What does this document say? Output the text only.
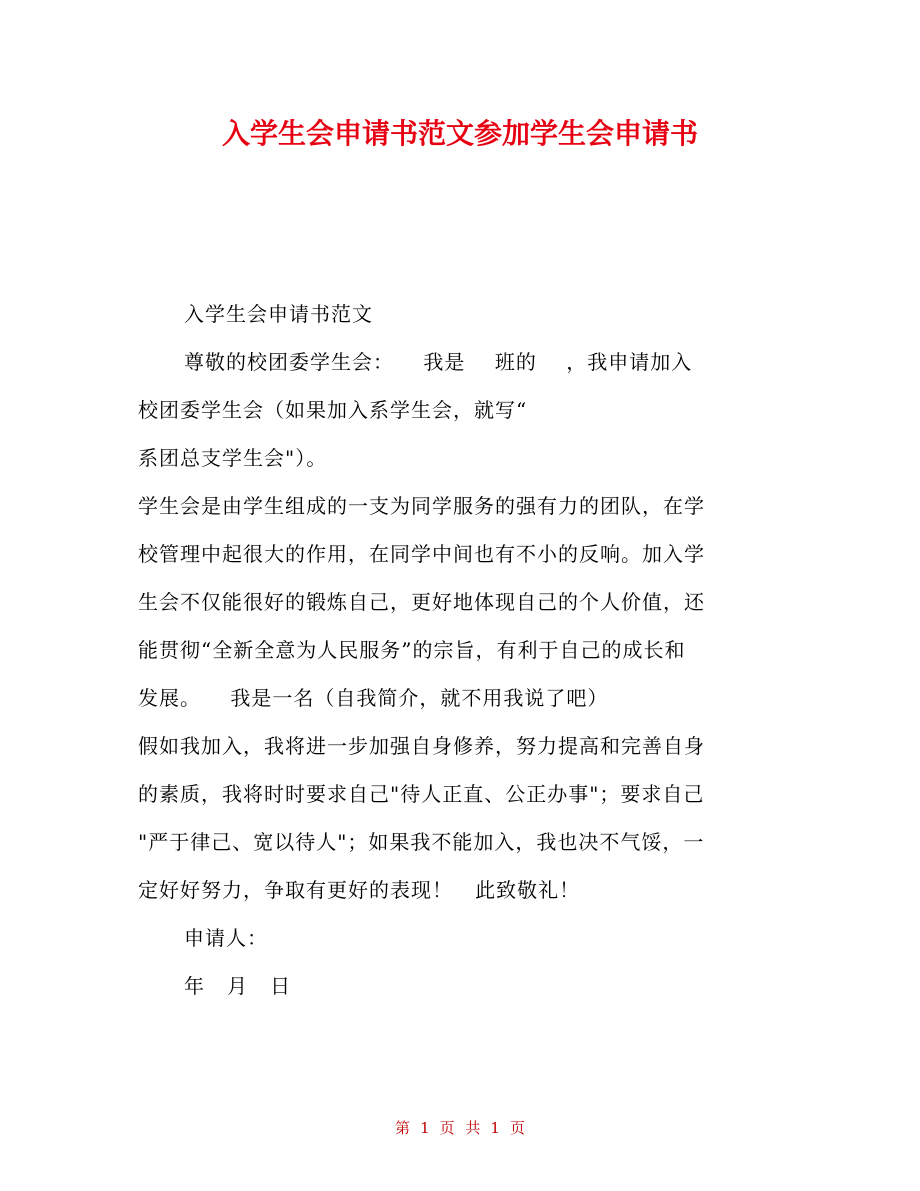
入学生会申请书范文参加学生会申请书
入学生会申请书范文
尊敬的校团委学生会：    我是    班的    ，我申请加入
校团委学生会（如果加入系学生会，就写“
系团总支学生会"）。
学生会是由学生组成的一支为同学服务的强有力的团队，在学
校管理中起很大的作用，在同学中间也有不小的反响。加入学
生会不仅能很好的锻炼自己，更好地体现自己的个人价值，还
能贯彻“全新全意为人民服务”的宗旨，有利于自己的成长和
发展。    我是一名（自我简介，就不用我说了吧）
假如我加入，我将进一步加强自身修养，努力提高和完善自身
的素质，我将时时要求自己"待人正直、公正办事"；要求自己
"严于律己、宽以待人"；如果我不能加入，我也决不气馁，一
定好好努力，争取有更好的表现！   此致敬礼！
申请人：
年   月   日
第 1 页 共 1 页
